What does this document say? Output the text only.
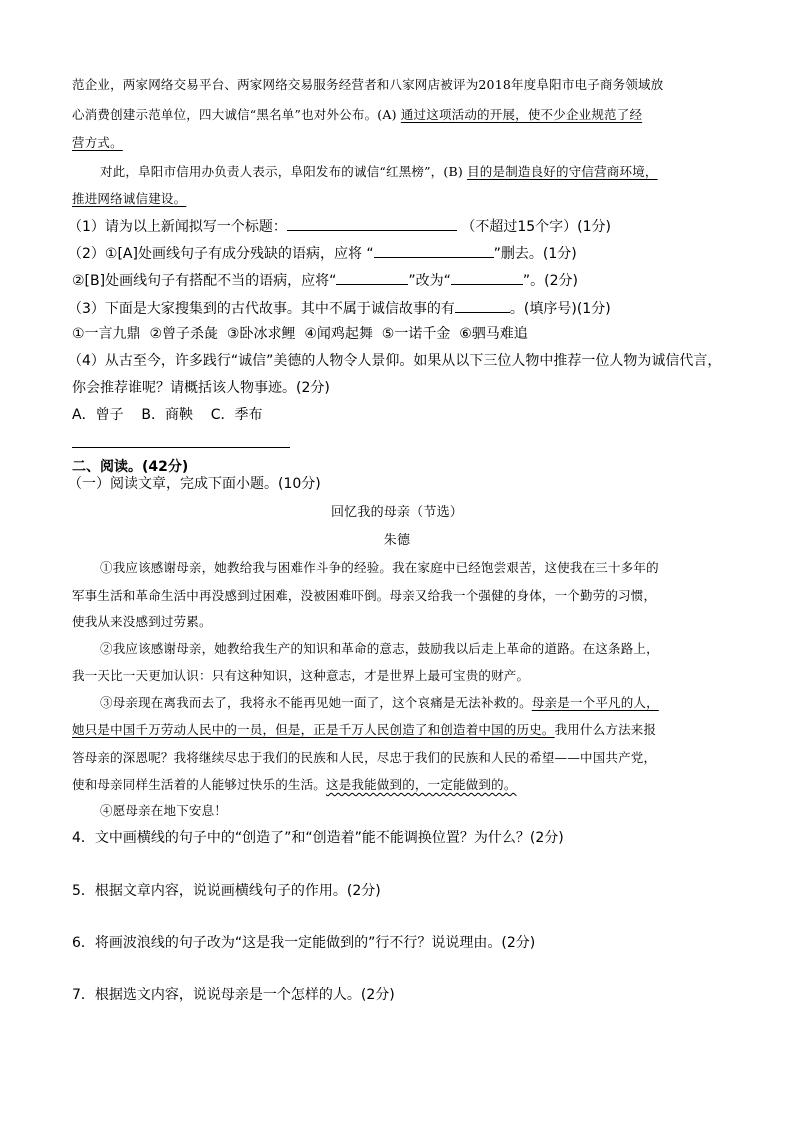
范企业，两家网络交易平台、两家网络交易服务经营者和八家网店被评为2018年度阜阳市电子商务领域放
心消费创建示范单位，四大诚信“黑名单”也对外公布。(A) 通过这项活动的开展，使不少企业规范了经
营方式。
对此，阜阳市信用办负责人表示，阜阳发布的诚信“红黑榜”，(B) 目的是制造良好的守信营商环境，
推进网络诚信建设。
（1）请为以上新闻拟写一个标题：	（不超过15个字）(1分)
（2）①[A]处画线句子有成分残缺的语病，应将 “	”删去。(1分)
②[B]处画线句子有搭配不当的语病，应将“	”改为“	”。(2分)
（3）下面是大家搜集到的古代故事。其中不属于诚信故事的有	。(填序号)(1分)
①一言九鼎  ②曾子杀彘  ③卧冰求鲤  ④闻鸡起舞  ⑤一诺千金  ⑥驷马难追
（4）从古至今，许多践行“诚信”美德的人物令人景仰。如果从以下三位人物中推荐一位人物为诚信代言，
你会推荐谁呢？请概括该人物事迹。(2分)
A．曾子    B．商鞅    C．季布
二、阅读。(42分)
（一）阅读文章，完成下面小题。(10分)
回忆我的母亲（节选）
朱德
①我应该感谢母亲，她教给我与困难作斗争的经验。我在家庭中已经饱尝艰苦，这使我在三十多年的
军事生活和革命生活中再没感到过困难，没被困难吓倒。母亲又给我一个强健的身体，一个勤劳的习惯，
使我从来没感到过劳累。
②我应该感谢母亲，她教给我生产的知识和革命的意志，鼓励我以后走上革命的道路。在这条路上，
我一天比一天更加认识：只有这种知识，这种意志，才是世界上最可宝贵的财产。
③母亲现在离我而去了，我将永不能再见她一面了，这个哀痛是无法补救的。母亲是一个平凡的人，
她只是中国千万劳动人民中的一员，但是，正是千万人民创造了和创造着中国的历史。我用什么方法来报
答母亲的深恩呢？我将继续尽忠于我们的民族和人民，尽忠于我们的民族和人民的希望——中国共产党，
使和母亲同样生活着的人能够过快乐的生活。这是我能做到的，一定能做到的。
④愿母亲在地下安息！
4．文中画横线的句子中的“创造了”和“创造着”能不能调换位置？为什么？(2分)
5．根据文章内容，说说画横线句子的作用。(2分)
6．将画波浪线的句子改为“这是我一定能做到的”行不行？说说理由。(2分)
7．根据选文内容，说说母亲是一个怎样的人。(2分)
